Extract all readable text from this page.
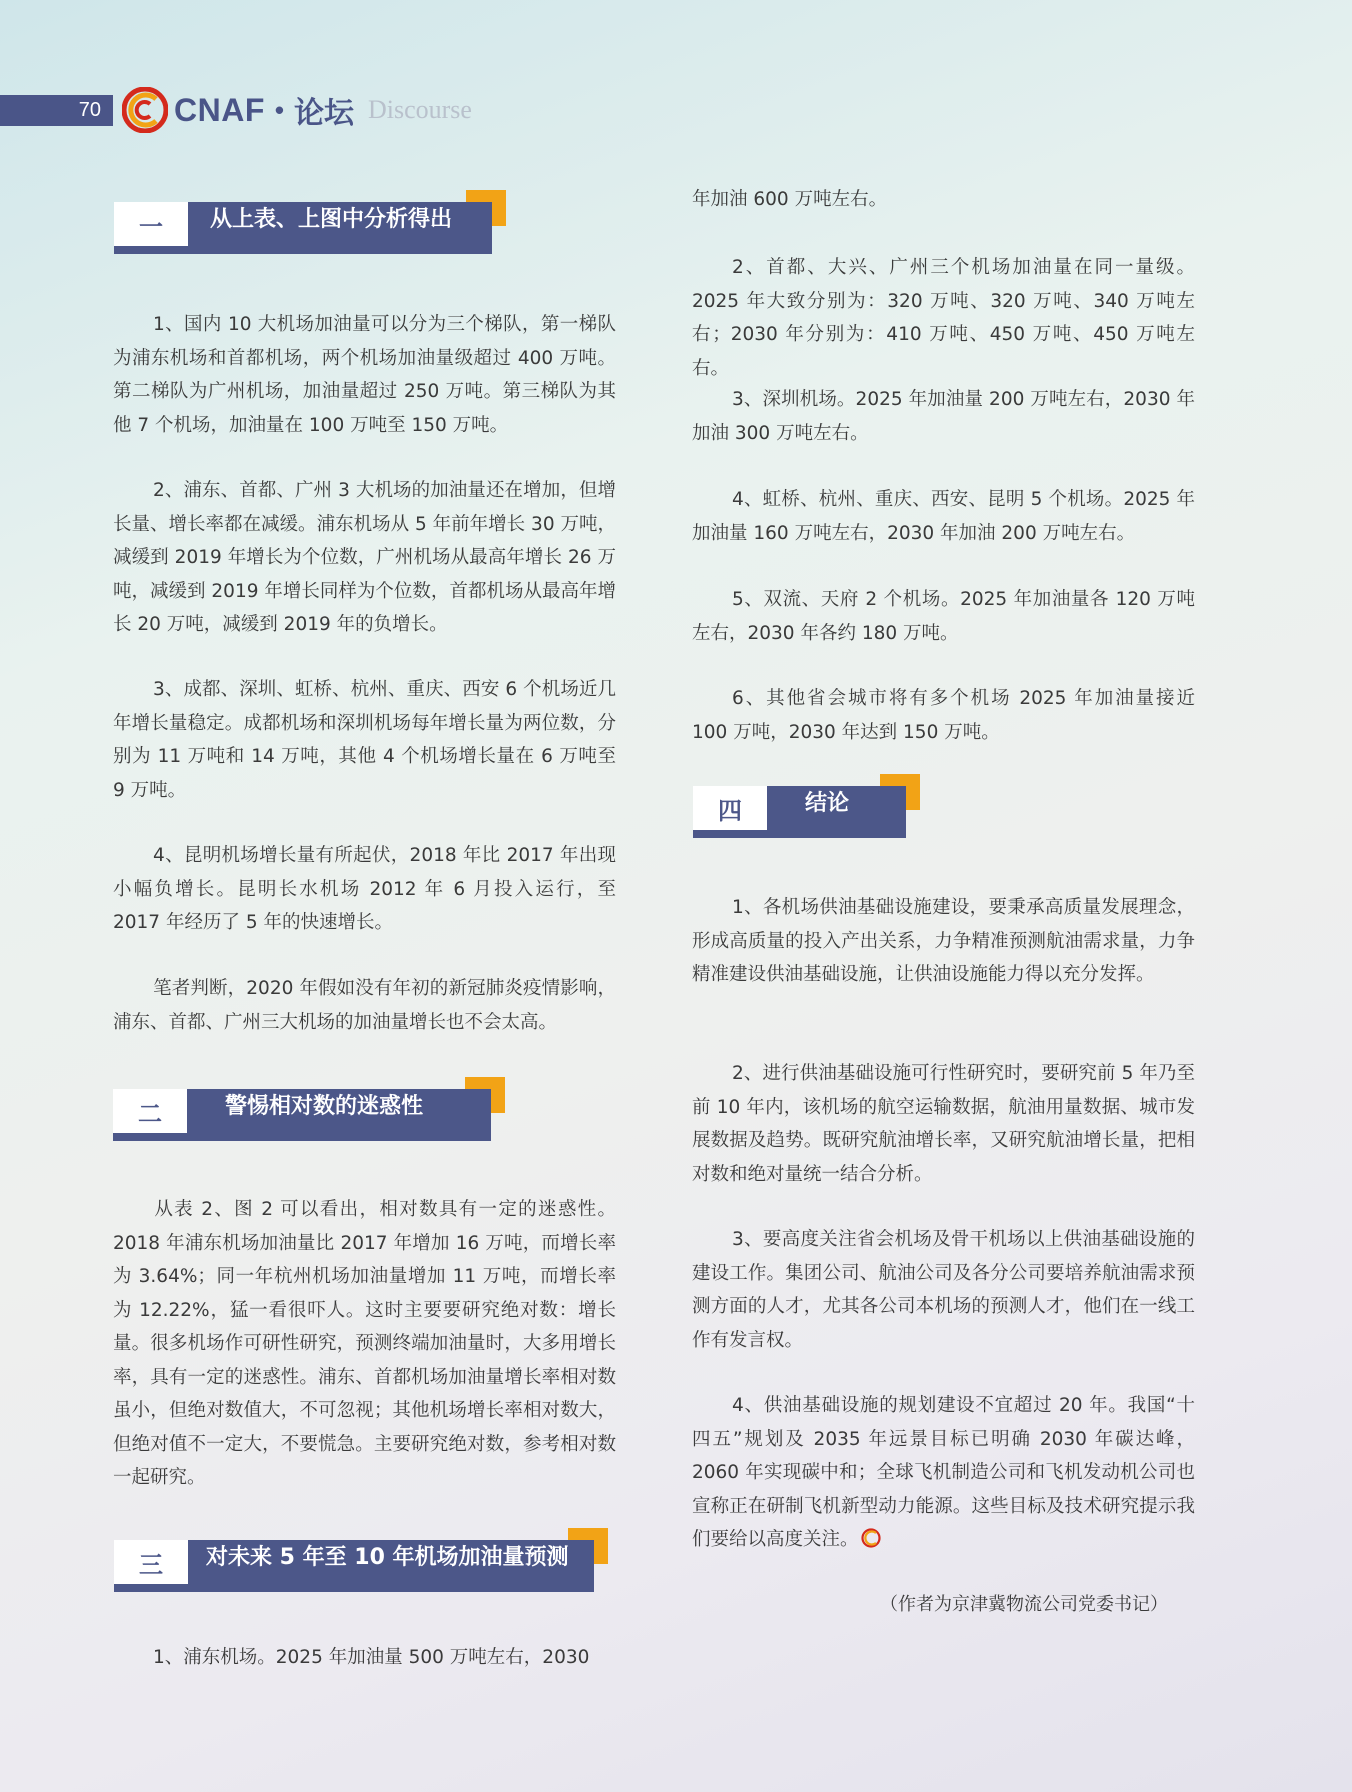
70	CNAF • 论坛 Discourse
一	从上表、上图中分析得出

1、国内 10 大机场加油量可以分为三个梯队，第一梯队为浦东机场和首都机场，两个机场加油量级超过 400 万吨。第二梯队为广州机场，加油量超过 250 万吨。第三梯队为其他 7 个机场，加油量在 100 万吨至 150 万吨。

2、浦东、首都、广州 3 大机场的加油量还在增加，但增长量、增长率都在减缓。浦东机场从 5 年前年增长 30 万吨，减缓到 2019 年增长为个位数，广州机场从最高年增长 26 万吨，减缓到 2019 年增长同样为个位数，首都机场从最高年增长 20 万吨，减缓到 2019 年的负增长。

3、成都、深圳、虹桥、杭州、重庆、西安 6 个机场近几年增长量稳定。成都机场和深圳机场每年增长量为两位数，分别为 11 万吨和 14 万吨，其他 4 个机场增长量在 6 万吨至 9 万吨。

4、昆明机场增长量有所起伏，2018 年比 2017 年出现小幅负增长。昆明长水机场 2012 年 6 月投入运行，至 2017 年经历了 5 年的快速增长。

笔者判断，2020 年假如没有年初的新冠肺炎疫情影响，浦东、首都、广州三大机场的加油量增长也不会太高。

二	警惕相对数的迷惑性

从表 2、图 2 可以看出，相对数具有一定的迷惑性。2018 年浦东机场加油量比 2017 年增加 16 万吨，而增长率为 3.64%；同一年杭州机场加油量增加 11 万吨，而增长率为 12.22%，猛一看很吓人。这时主要要研究绝对数：增长量。很多机场作可研性研究，预测终端加油量时，大多用增长率，具有一定的迷惑性。浦东、首都机场加油量增长率相对数虽小，但绝对数值大，不可忽视；其他机场增长率相对数大，但绝对值不一定大，不要慌急。主要研究绝对数，参考相对数一起研究。

三	对未来 5 年至 10 年机场加油量预测

1、浦东机场。2025 年加油量 500 万吨左右，2030

年加油 600 万吨左右。

2、首都、大兴、广州三个机场加油量在同一量级。2025 年大致分别为：320 万吨、320 万吨、340 万吨左右；2030 年分别为：410 万吨、450 万吨、450 万吨左右。

3、深圳机场。2025 年加油量 200 万吨左右，2030 年加油 300 万吨左右。

4、虹桥、杭州、重庆、西安、昆明 5 个机场。2025 年加油量 160 万吨左右，2030 年加油 200 万吨左右。

5、双流、天府 2 个机场。2025 年加油量各 120 万吨左右，2030 年各约 180 万吨。

6、其他省会城市将有多个机场 2025 年加油量接近 100 万吨，2030 年达到 150 万吨。

四	结论

1、各机场供油基础设施建设，要秉承高质量发展理念，形成高质量的投入产出关系，力争精准预测航油需求量，力争精准建设供油基础设施，让供油设施能力得以充分发挥。

2、进行供油基础设施可行性研究时，要研究前 5 年乃至前 10 年内，该机场的航空运输数据，航油用量数据、城市发展数据及趋势。既研究航油增长率，又研究航油增长量，把相对数和绝对量统一结合分析。

3、要高度关注省会机场及骨干机场以上供油基础设施的建设工作。集团公司、航油公司及各分公司要培养航油需求预测方面的人才，尤其各公司本机场的预测人才，他们在一线工作有发言权。

4、供油基础设施的规划建设不宜超过 20 年。我国“十四五”规划及 2035 年远景目标已明确 2030 年碳达峰，2060 年实现碳中和；全球飞机制造公司和飞机发动机公司也宣称正在研制飞机新型动力能源。这些目标及技术研究提示我们要给以高度关注。

（作者为京津冀物流公司党委书记）
